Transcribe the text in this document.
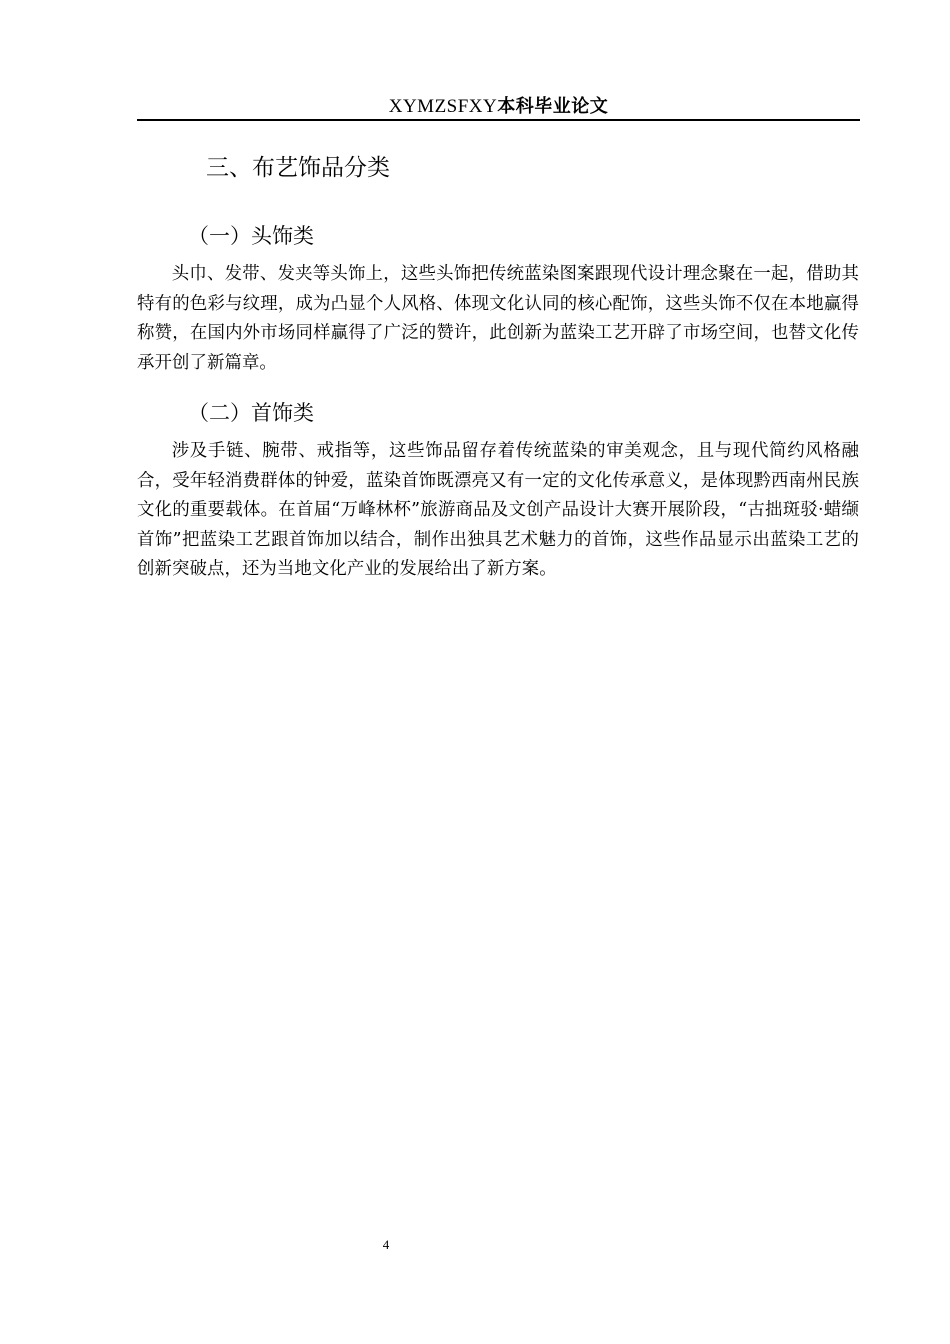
XYMZSFXY本科毕业论文
三、布艺饰品分类
（一）头饰类

头巾、发带、发夹等头饰上，这些头饰把传统蓝染图案跟现代设计理念聚在一起，借助其特有的色彩与纹理，成为凸显个人风格、体现文化认同的核心配饰，这些头饰不仅在本地赢得称赞，在国内外市场同样赢得了广泛的赞许，此创新为蓝染工艺开辟了市场空间，也替文化传承开创了新篇章。

（二）首饰类

涉及手链、腕带、戒指等，这些饰品留存着传统蓝染的审美观念，且与现代简约风格融合，受年轻消费群体的钟爱，蓝染首饰既漂亮又有一定的文化传承意义，是体现黔西南州民族文化的重要载体。在首届“万峰林杯”旅游商品及文创产品设计大赛开展阶段，“古拙斑驳·蜡缬首饰”把蓝染工艺跟首饰加以结合，制作出独具艺术魅力的首饰，这些作品显示出蓝染工艺的创新突破点，还为当地文化产业的发展给出了新方案。

4
